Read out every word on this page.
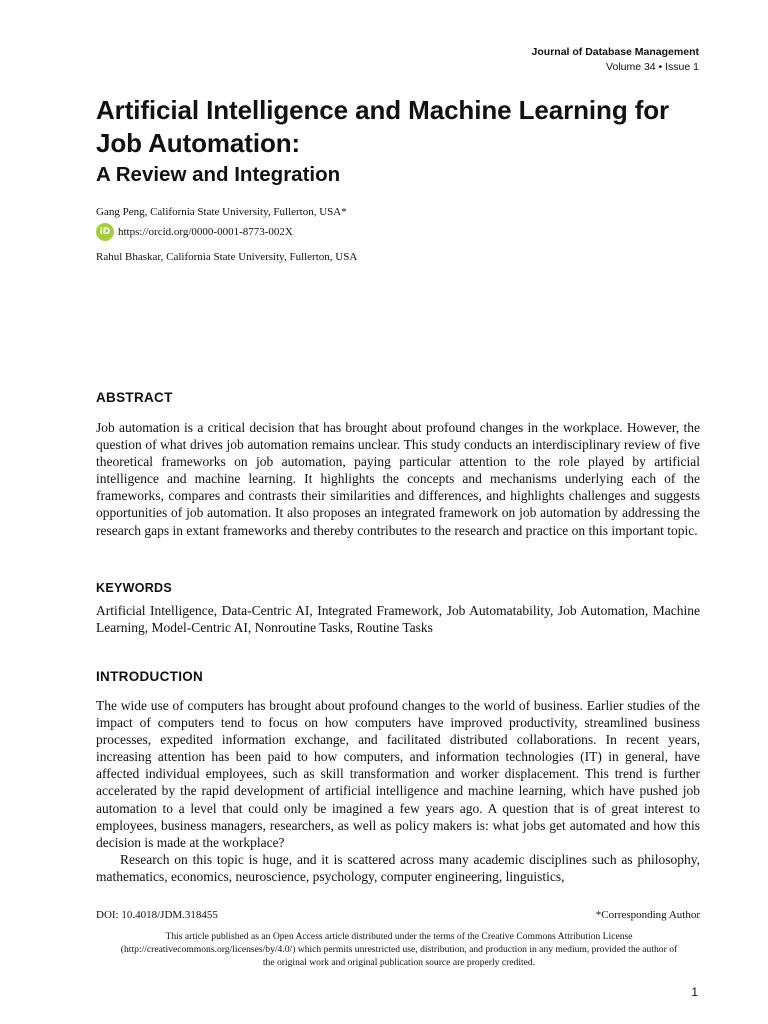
Journal of Database Management
Volume 34 • Issue 1
Artificial Intelligence and Machine Learning for Job Automation:
A Review and Integration
Gang Peng, California State University, Fullerton, USA*
iD https://orcid.org/0000-0001-8773-002X
Rahul Bhaskar, California State University, Fullerton, USA
ABSTRACT

Job automation is a critical decision that has brought about profound changes in the workplace. However, the question of what drives job automation remains unclear. This study conducts an interdisciplinary review of five theoretical frameworks on job automation, paying particular attention to the role played by artificial intelligence and machine learning. It highlights the concepts and mechanisms underlying each of the frameworks, compares and contrasts their similarities and differences, and highlights challenges and suggests opportunities of job automation. It also proposes an integrated framework on job automation by addressing the research gaps in extant frameworks and thereby contributes to the research and practice on this important topic.

KEYWORDS

Artificial Intelligence, Data-Centric AI, Integrated Framework, Job Automatability, Job Automation, Machine Learning, Model-Centric AI, Nonroutine Tasks, Routine Tasks

INTRODUCTION

The wide use of computers has brought about profound changes to the world of business. Earlier studies of the impact of computers tend to focus on how computers have improved productivity, streamlined business processes, expedited information exchange, and facilitated distributed collaborations. In recent years, increasing attention has been paid to how computers, and information technologies (IT) in general, have affected individual employees, such as skill transformation and worker displacement. This trend is further accelerated by the rapid development of artificial intelligence and machine learning, which have pushed job automation to a level that could only be imagined a few years ago. A question that is of great interest to employees, business managers, researchers, as well as policy makers is: what jobs get automated and how this decision is made at the workplace?

Research on this topic is huge, and it is scattered across many academic disciplines such as philosophy, mathematics, economics, neuroscience, psychology, computer engineering, linguistics,

DOI: 10.4018/JDM.318455	*Corresponding Author

This article published as an Open Access article distributed under the terms of the Creative Commons Attribution License (http://creativecommons.org/licenses/by/4.0/) which permits unrestricted use, distribution, and production in any medium, provided the author of the original work and original publication source are properly credited.

1
